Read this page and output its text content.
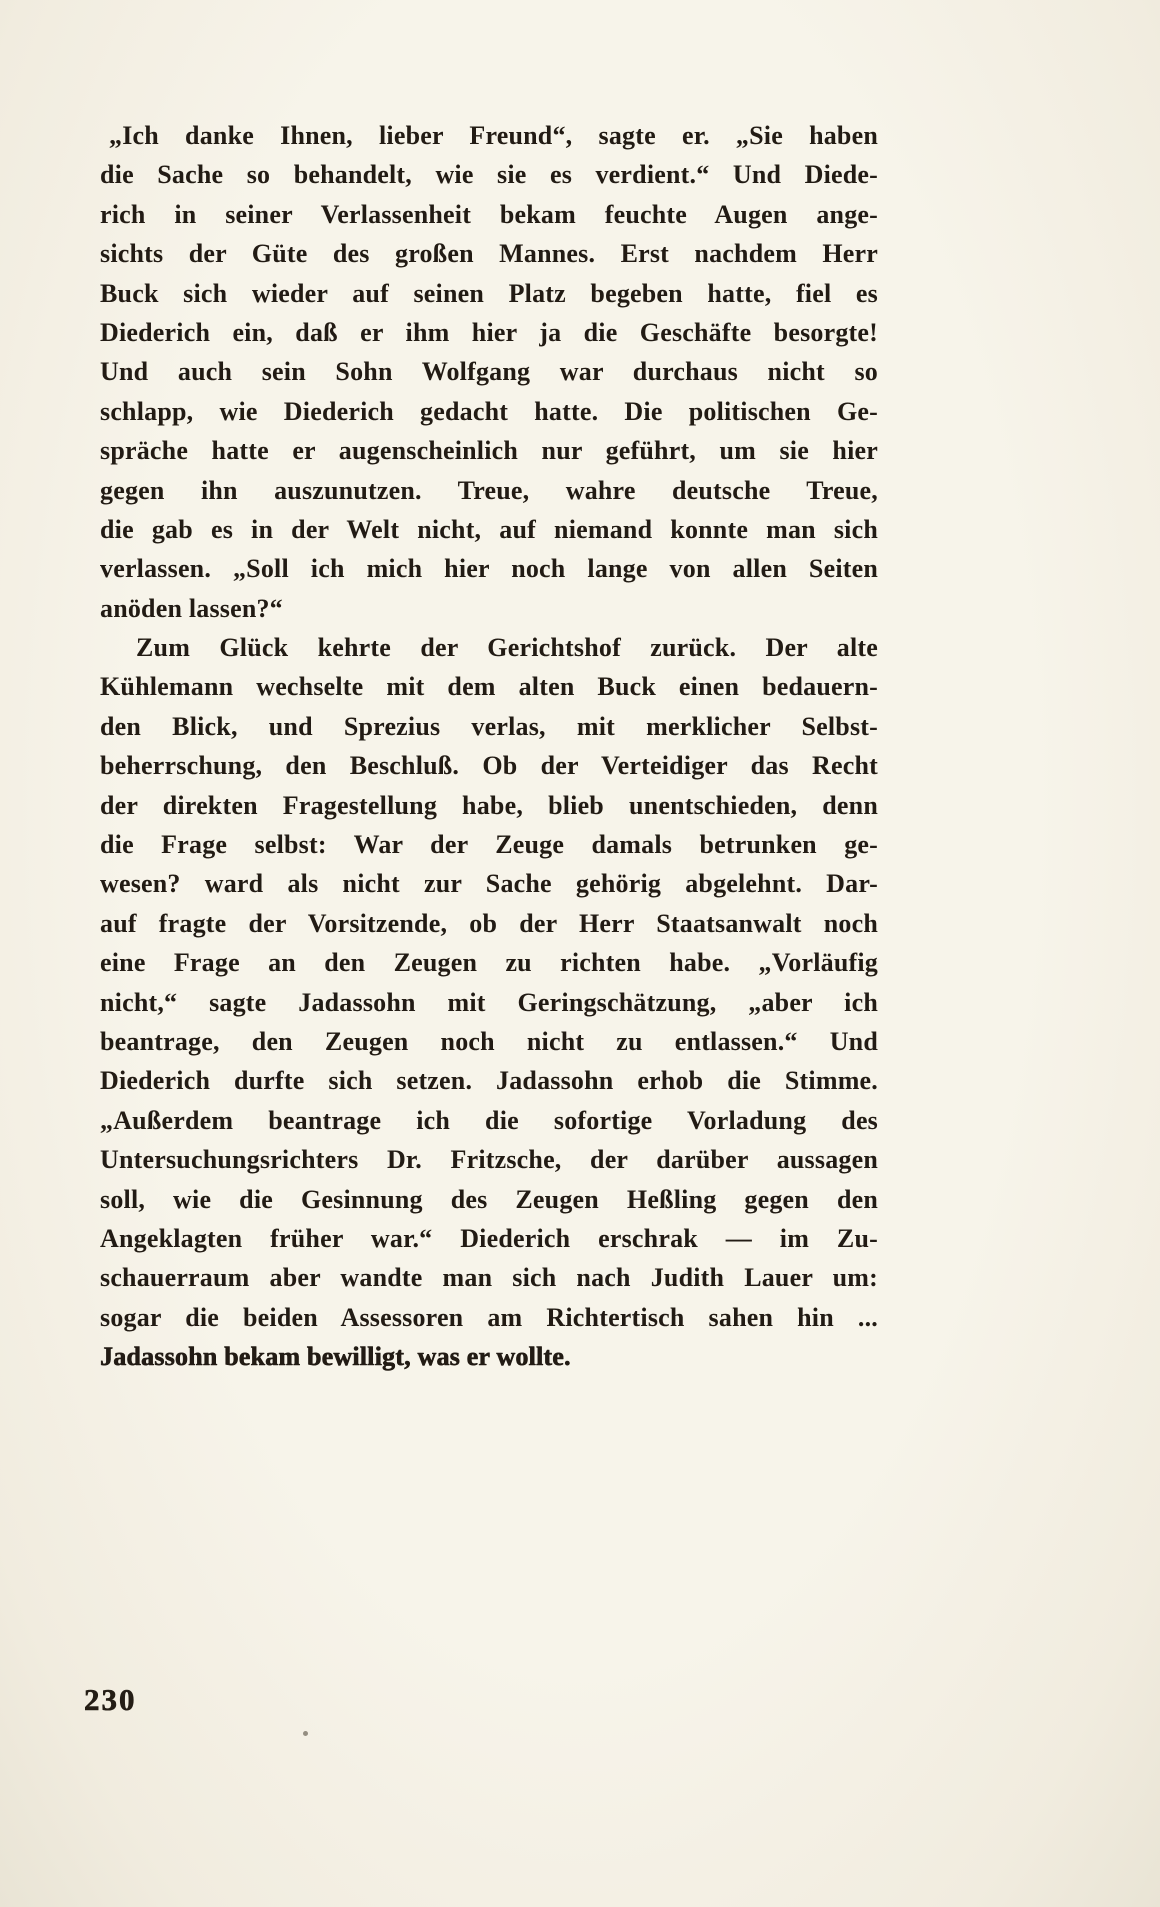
„Ich danke Ihnen, lieber Freund“, sagte er. „Sie haben
die Sache so behandelt, wie sie es verdient.“ Und Diede-
rich in seiner Verlassenheit bekam feuchte Augen ange-
sichts der Güte des großen Mannes. Erst nachdem Herr
Buck sich wieder auf seinen Platz begeben hatte, fiel es
Diederich ein, daß er ihm hier ja die Geschäfte besorgte!
Und auch sein Sohn Wolfgang war durchaus nicht so
schlapp, wie Diederich gedacht hatte. Die politischen Ge-
spräche hatte er augenscheinlich nur geführt, um sie hier
gegen ihn auszunutzen. Treue, wahre deutsche Treue,
die gab es in der Welt nicht, auf niemand konnte man sich
verlassen. „Soll ich mich hier noch lange von allen Seiten
anöden lassen?“
Zum Glück kehrte der Gerichtshof zurück. Der alte
Kühlemann wechselte mit dem alten Buck einen bedauern-
den Blick, und Sprezius verlas, mit merklicher Selbst-
beherrschung, den Beschluß. Ob der Verteidiger das Recht
der direkten Fragestellung habe, blieb unentschieden, denn
die Frage selbst: War der Zeuge damals betrunken ge-
wesen? ward als nicht zur Sache gehörig abgelehnt. Dar-
auf fragte der Vorsitzende, ob der Herr Staatsanwalt noch
eine Frage an den Zeugen zu richten habe. „Vorläufig
nicht,“ sagte Jadassohn mit Geringschätzung, „aber ich
beantrage, den Zeugen noch nicht zu entlassen.“ Und
Diederich durfte sich setzen. Jadassohn erhob die Stimme.
„Außerdem beantrage ich die sofortige Vorladung des
Untersuchungsrichters Dr. Fritzsche, der darüber aussagen
soll, wie die Gesinnung des Zeugen Heßling gegen den
Angeklagten früher war.“ Diederich erschrak — im Zu-
schauerraum aber wandte man sich nach Judith Lauer um:
sogar die beiden Assessoren am Richtertisch sahen hin ...
Jadassohn bekam bewilligt, was er wollte.
230
